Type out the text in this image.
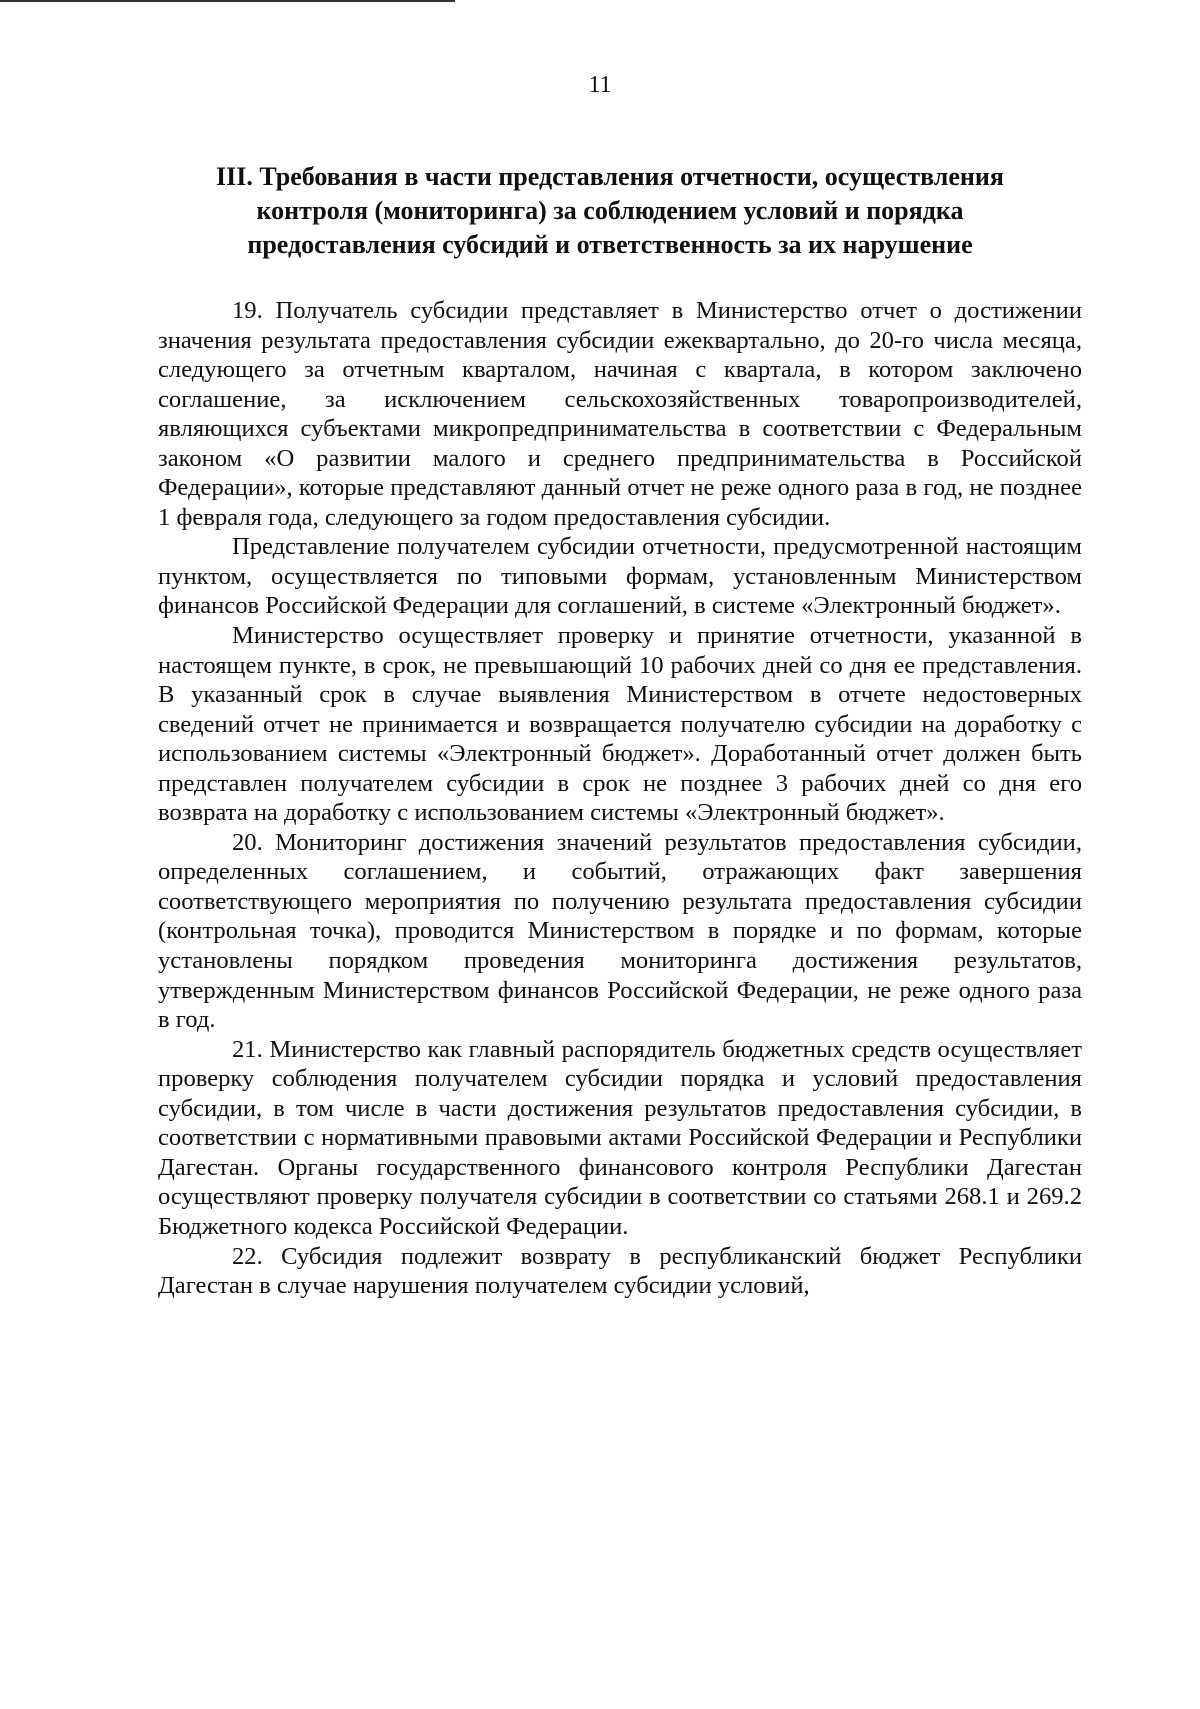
11
III. Требования в части представления отчетности, осуществления
контроля (мониторинга) за соблюдением условий и порядка
предоставления субсидий и ответственность за их нарушение

19. Получатель субсидии представляет в Министерство отчет о достижении значения результата предоставления субсидии ежеквартально, до 20-го числа месяца, следующего за отчетным кварталом, начиная с квартала, в котором заключено соглашение, за исключением сельскохозяйственных товаропроизводителей, являющихся субъектами микропредпринимательства в соответствии с Федеральным законом «О развитии малого и среднего предпринимательства в Российской Федерации», которые представляют данный отчет не реже одного раза в год, не позднее 1 февраля года, следующего за годом предоставления субсидии.

Представление получателем субсидии отчетности, предусмотренной настоящим пунктом, осуществляется по типовыми формам, установленным Министерством финансов Российской Федерации для соглашений, в системе «Электронный бюджет».

Министерство осуществляет проверку и принятие отчетности, указанной в настоящем пункте, в срок, не превышающий 10 рабочих дней со дня ее представления. В указанный срок в случае выявления Министерством в отчете недостоверных сведений отчет не принимается и возвращается получателю субсидии на доработку с использованием системы «Электронный бюджет». Доработанный отчет должен быть представлен получателем субсидии в срок не позднее 3 рабочих дней со дня его возврата на доработку с использованием системы «Электронный бюджет».

20. Мониторинг достижения значений результатов предоставления субсидии, определенных соглашением, и событий, отражающих факт завершения соответствующего мероприятия по получению результата предоставления субсидии (контрольная точка), проводится Министерством в порядке и по формам, которые установлены порядком проведения мониторинга достижения результатов, утвержденным Министерством финансов Российской Федерации, не реже одного раза в год.

21. Министерство как главный распорядитель бюджетных средств осуществляет проверку соблюдения получателем субсидии порядка и условий предоставления субсидии, в том числе в части достижения результатов предоставления субсидии, в соответствии с нормативными правовыми актами Российской Федерации и Республики Дагестан. Органы государственного финансового контроля Республики Дагестан осуществляют проверку получателя субсидии в соответствии со статьями 268.1 и 269.2 Бюджетного кодекса Российской Федерации.

22. Субсидия подлежит возврату в республиканский бюджет Республики Дагестан в случае нарушения получателем субсидии условий,
